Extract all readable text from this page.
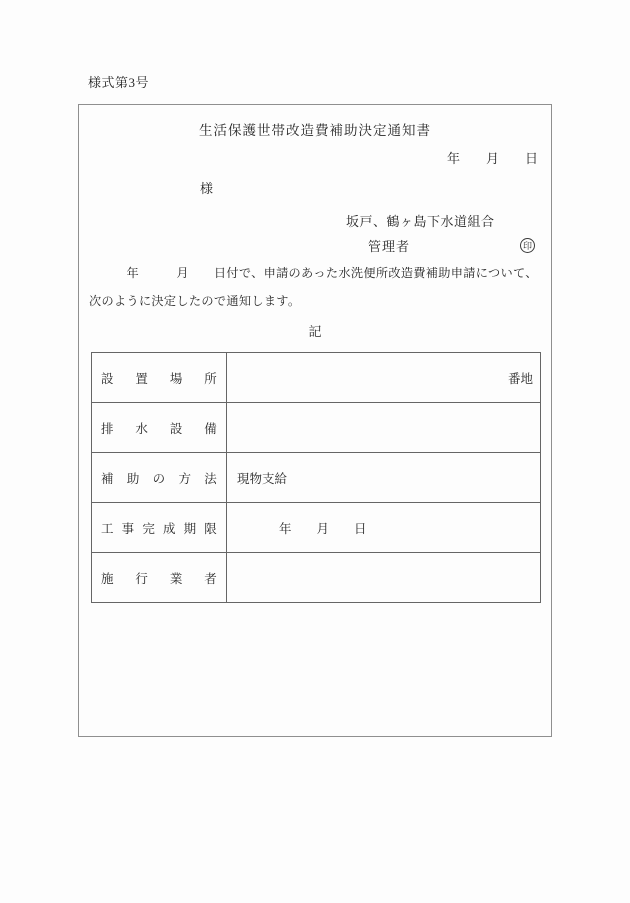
様式第3号
生活保護世帯改造費補助決定通知書
年　　月　　日
様
坂戸、鶴ヶ島下水道組合
管理者	印
　　　年　　　月　　日付で、申請のあった水洗便所改造費補助申請について、次のように決定したので通知します。
記
設 置 場 所	番地
排 水 設 備	
補 助 の 方 法	現物支給
工 事 完 成 期 限	年　　月　　日
施 行 業 者	
